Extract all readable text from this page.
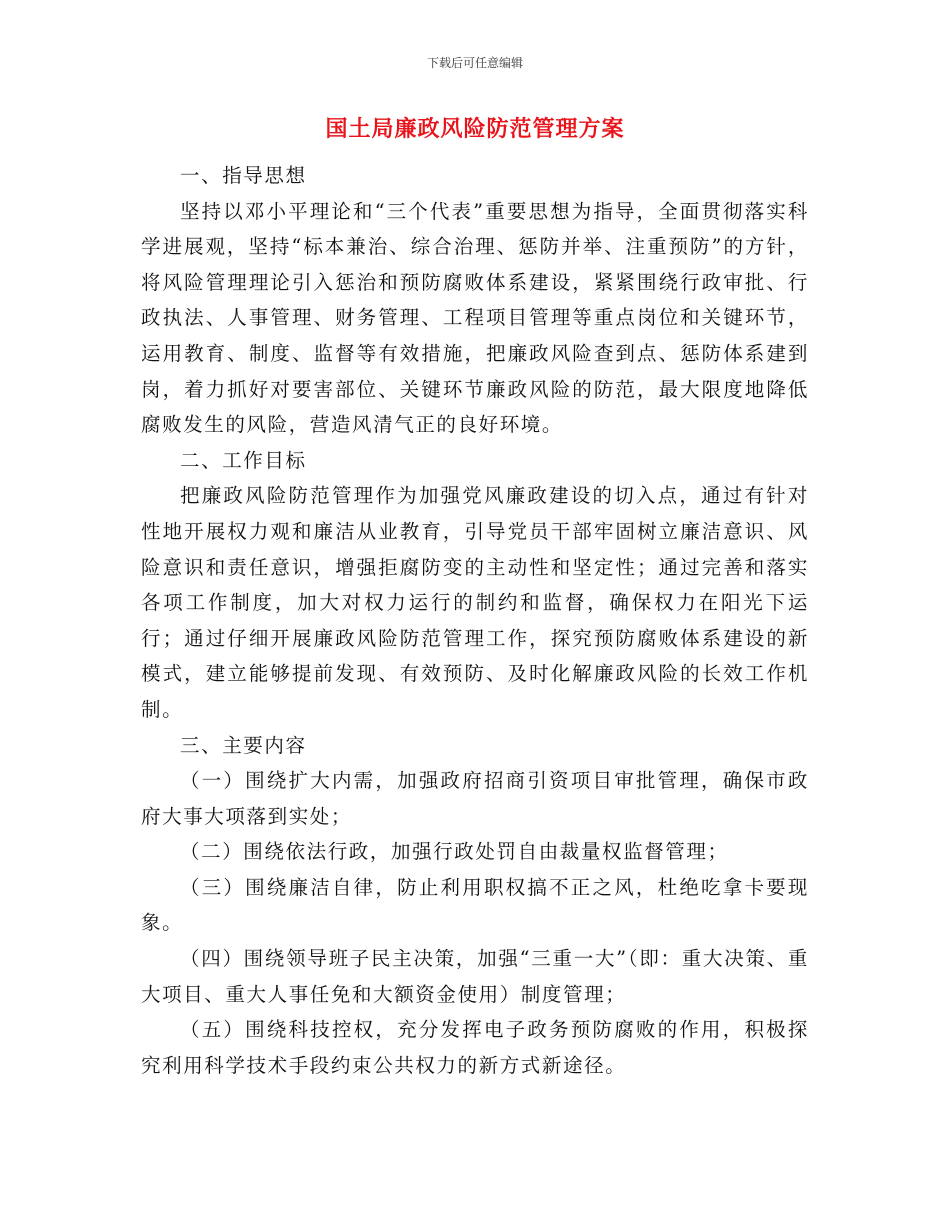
下载后可任意编辑
国土局廉政风险防范管理方案

一、指导思想

坚持以邓小平理论和“三个代表”重要思想为指导，全面贯彻落实科学进展观，坚持“标本兼治、综合治理、惩防并举、注重预防”的方针，将风险管理理论引入惩治和预防腐败体系建设，紧紧围绕行政审批、行政执法、人事管理、财务管理、工程项目管理等重点岗位和关键环节，运用教育、制度、监督等有效措施，把廉政风险查到点、惩防体系建到岗，着力抓好对要害部位、关键环节廉政风险的防范，最大限度地降低腐败发生的风险，营造风清气正的良好环境。

二、工作目标

把廉政风险防范管理作为加强党风廉政建设的切入点，通过有针对性地开展权力观和廉洁从业教育，引导党员干部牢固树立廉洁意识、风险意识和责任意识，增强拒腐防变的主动性和坚定性；通过完善和落实各项工作制度，加大对权力运行的制约和监督，确保权力在阳光下运行；通过仔细开展廉政风险防范管理工作，探究预防腐败体系建设的新模式，建立能够提前发现、有效预防、及时化解廉政风险的长效工作机制。

三、主要内容

（一）围绕扩大内需，加强政府招商引资项目审批管理，确保市政府大事大项落到实处；

（二）围绕依法行政，加强行政处罚自由裁量权监督管理；

（三）围绕廉洁自律，防止利用职权搞不正之风，杜绝吃拿卡要现象。

（四）围绕领导班子民主决策，加强“三重一大”（即：重大决策、重大项目、重大人事任免和大额资金使用）制度管理；

（五）围绕科技控权，充分发挥电子政务预防腐败的作用，积极探究利用科学技术手段约束公共权力的新方式新途径。
